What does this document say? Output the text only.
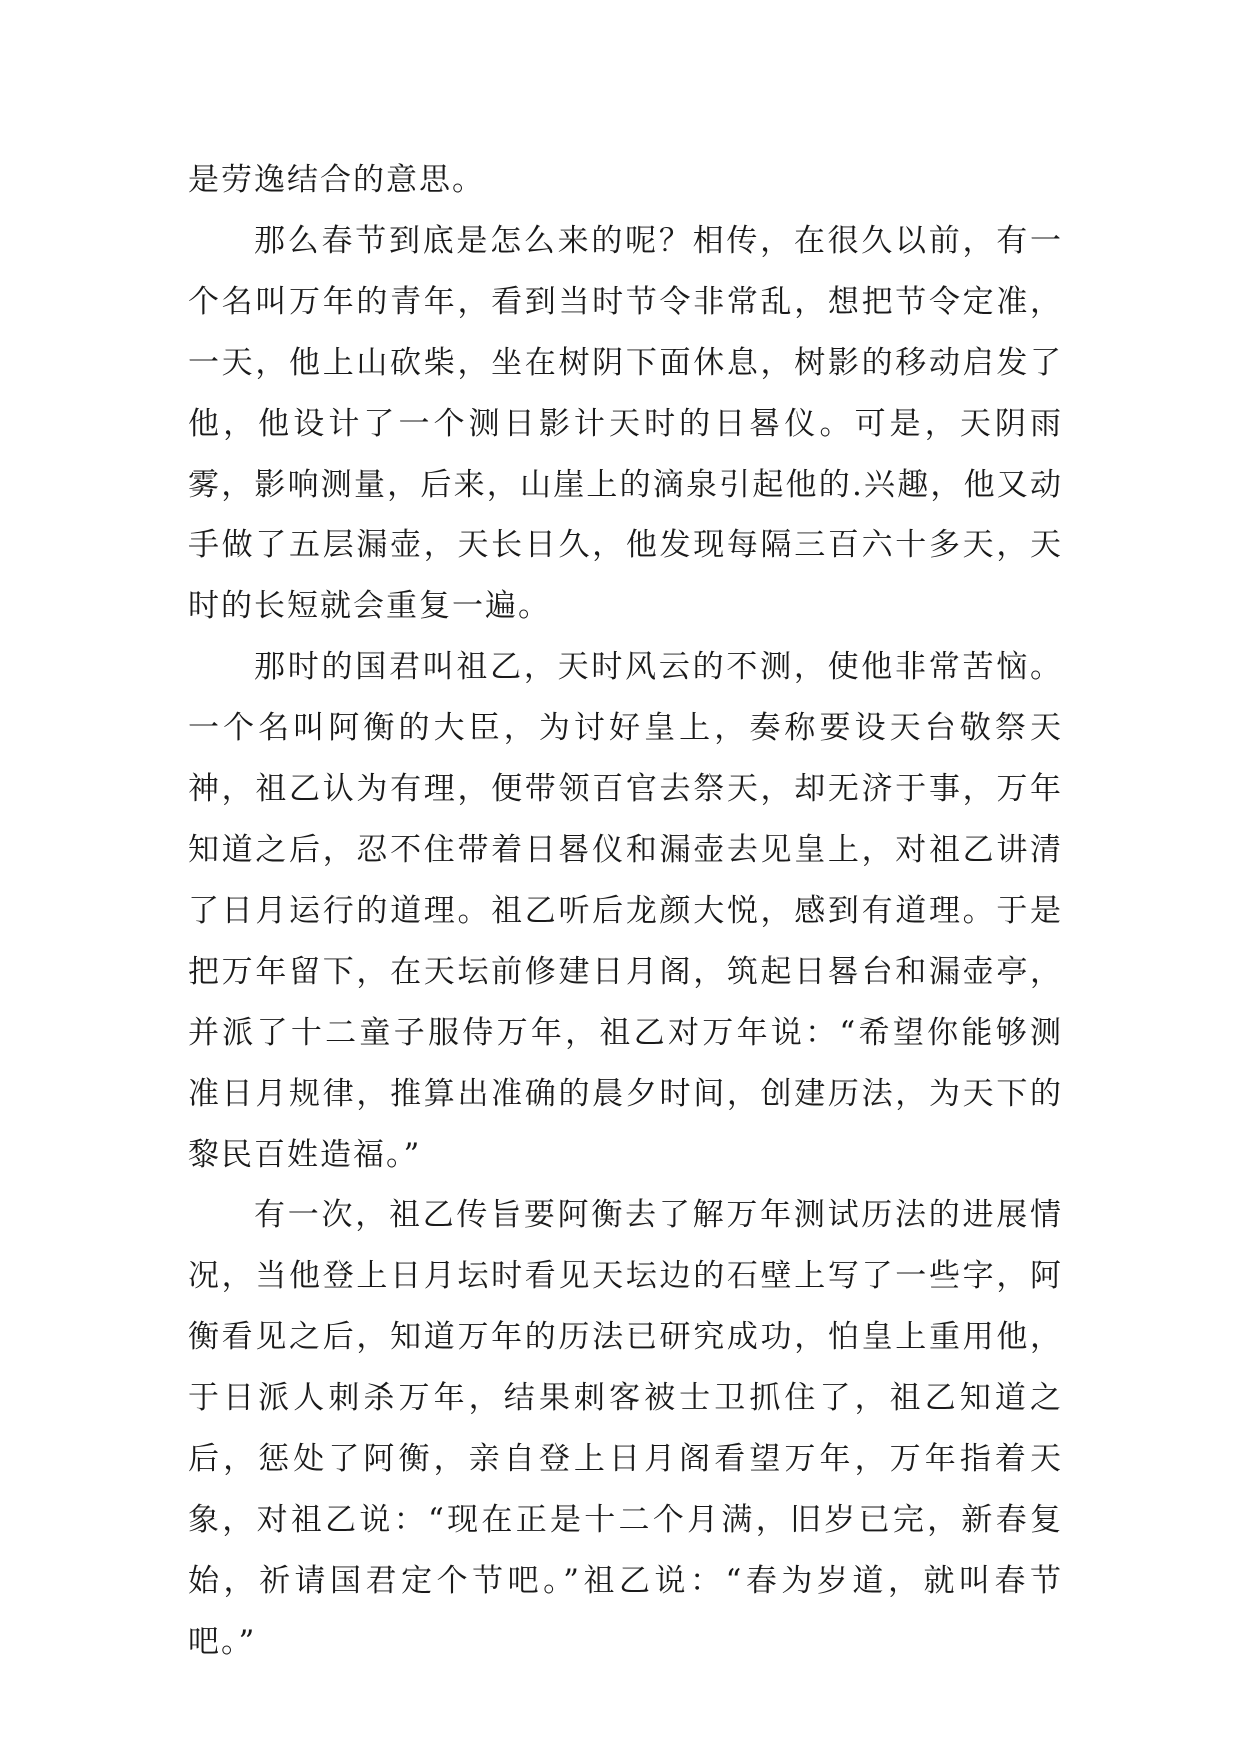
是劳逸结合的意思。

那么春节到底是怎么来的呢？相传，在很久以前，有一个名叫万年的青年，看到当时节令非常乱，想把节令定准，一天，他上山砍柴，坐在树阴下面休息，树影的移动启发了他，他设计了一个测日影计天时的日晷仪。可是，天阴雨雾，影响测量，后来，山崖上的滴泉引起他的.兴趣，他又动手做了五层漏壶，天长日久，他发现每隔三百六十多天，天时的长短就会重复一遍。

那时的国君叫祖乙，天时风云的不测，使他非常苦恼。一个名叫阿衡的大臣，为讨好皇上，奏称要设天台敬祭天神，祖乙认为有理，便带领百官去祭天，却无济于事，万年知道之后，忍不住带着日晷仪和漏壶去见皇上，对祖乙讲清了日月运行的道理。祖乙听后龙颜大悦，感到有道理。于是把万年留下，在天坛前修建日月阁，筑起日晷台和漏壶亭，并派了十二童子服侍万年，祖乙对万年说：“希望你能够测准日月规律，推算出准确的晨夕时间，创建历法，为天下的黎民百姓造福。”

有一次，祖乙传旨要阿衡去了解万年测试历法的进展情况，当他登上日月坛时看见天坛边的石壁上写了一些字，阿衡看见之后，知道万年的历法已研究成功，怕皇上重用他，于日派人刺杀万年，结果刺客被士卫抓住了，祖乙知道之后，惩处了阿衡，亲自登上日月阁看望万年，万年指着天象，对祖乙说：“现在正是十二个月满，旧岁已完，新春复始，祈请国君定个节吧。”祖乙说：“春为岁道，就叫春节吧。”
